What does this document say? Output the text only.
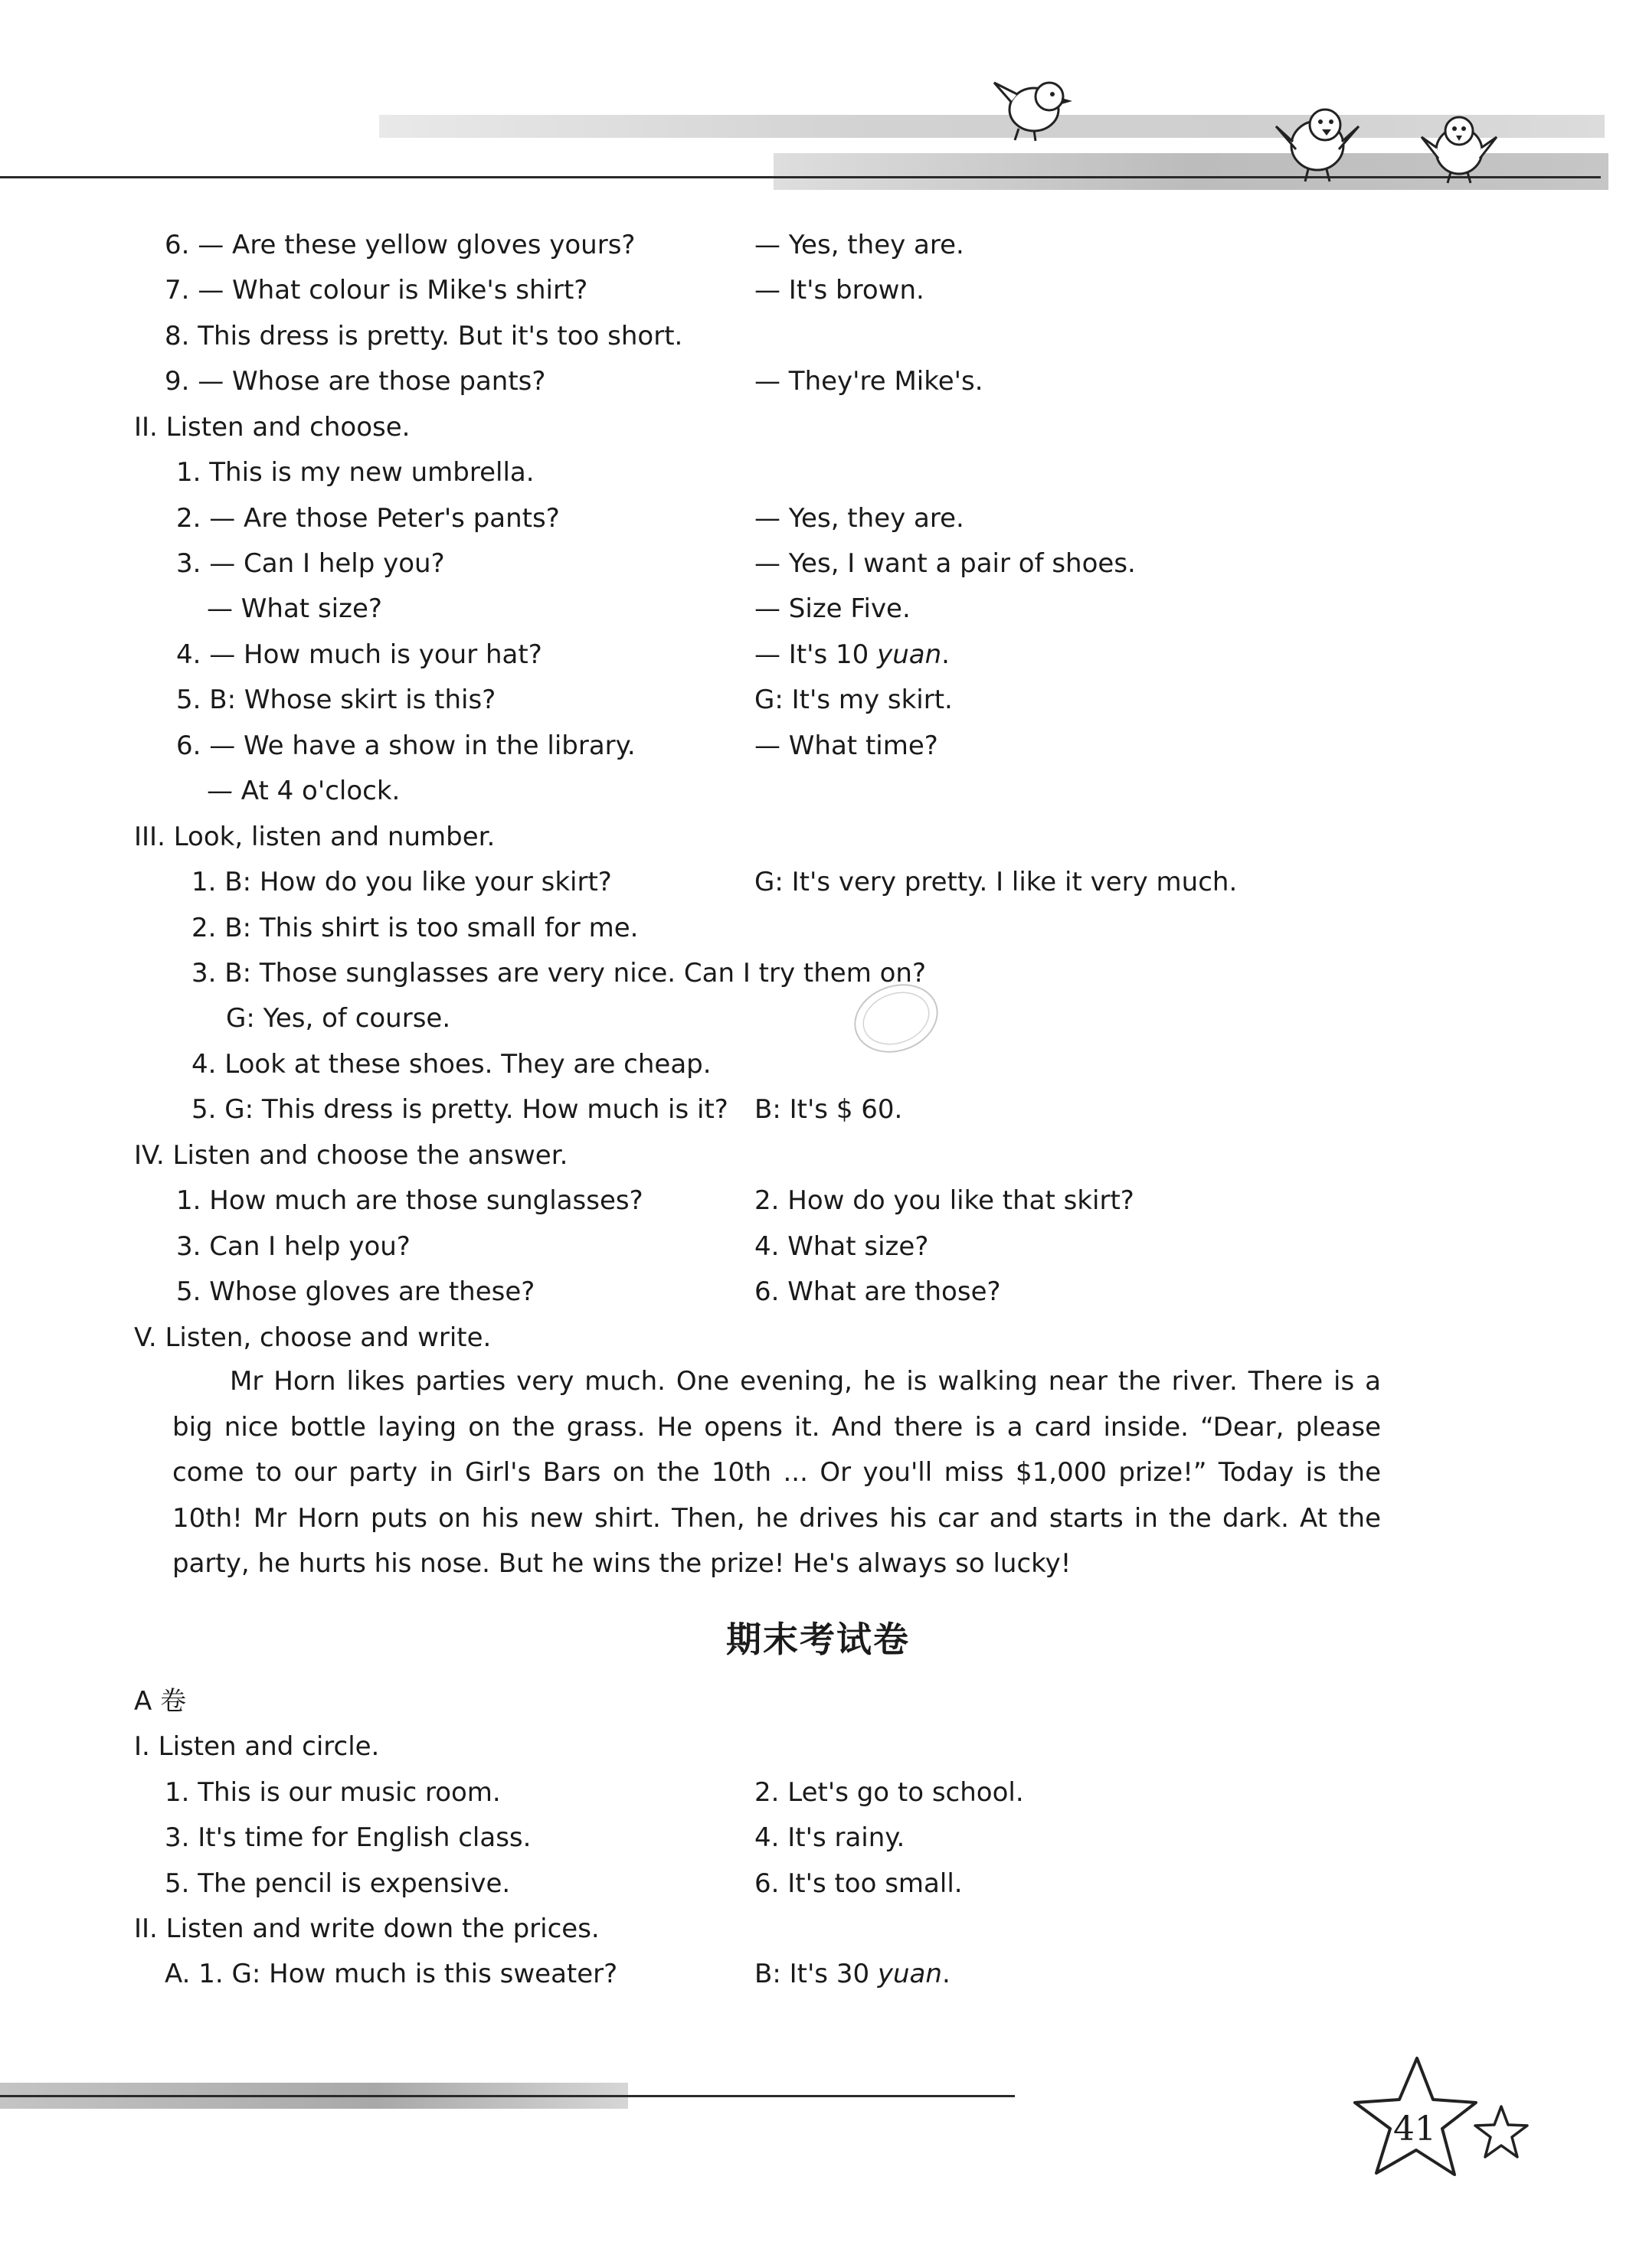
6. — Are these yellow gloves yours?	— Yes, they are.
7. — What colour is Mike's shirt?	— It's brown.
8. This dress is pretty. But it's too short.
9. — Whose are those pants?	— They're Mike's.
II. Listen and choose.
1. This is my new umbrella.
2. — Are those Peter's pants?	— Yes, they are.
3. — Can I help you?	— Yes, I want a pair of shoes.
— What size?	— Size Five.
4. — How much is your hat?	— It's 10 yuan.
5. B: Whose skirt is this?	G: It's my skirt.
6. — We have a show in the library.	— What time?
— At 4 o'clock.
III. Look, listen and number.
1. B: How do you like your skirt?	G: It's very pretty. I like it very much.
2. B: This shirt is too small for me.
3. B: Those sunglasses are very nice. Can I try them on?
G: Yes, of course.
4. Look at these shoes. They are cheap.
5. G: This dress is pretty. How much is it? B: It's $ 60.
IV. Listen and choose the answer.
1. How much are those sunglasses?	2. How do you like that skirt?
3. Can I help you?	4. What size?
5. Whose gloves are these?	6. What are those?
V. Listen, choose and write.
Mr Horn likes parties very much. One evening, he is walking near the river. There is a big nice bottle laying on the grass. He opens it. And there is a card inside. “Dear, please come to our party in Girl's Bars on the 10th ... Or you'll miss $1,000 prize!” Today is the 10th! Mr Horn puts on his new shirt. Then, he drives his car and starts in the dark. At the party, he hurts his nose. But he wins the prize! He's always so lucky!
期末考试卷
A 卷
I. Listen and circle.
1. This is our music room.	2. Let's go to school.
3. It's time for English class.	4. It's rainy.
5. The pencil is expensive.	6. It's too small.
II. Listen and write down the prices.
A. 1. G: How much is this sweater?	B: It's 30 yuan.
41
